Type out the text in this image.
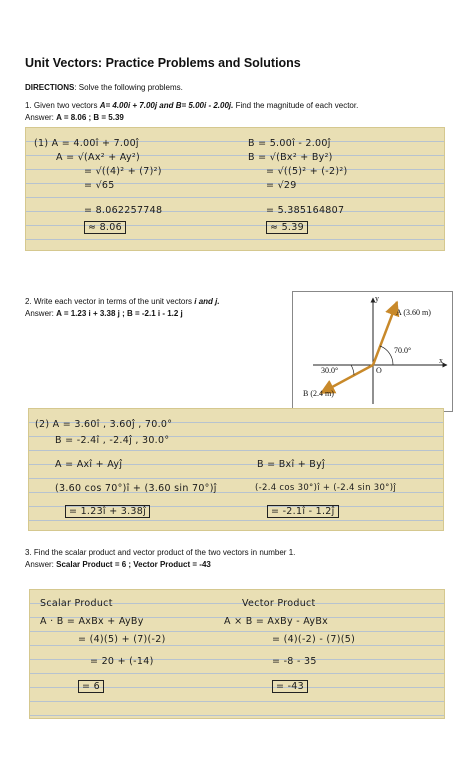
Unit Vectors: Practice Problems and Solutions
DIRECTIONS: Solve the following problems.
1. Given two vectors A= 4.00i + 7.00j and B= 5.00i - 2.00j. Find the magnitude of each vector.
Answer: A = 8.06 ; B = 5.39
(1) A = 4.00î + 7.00ĵ
A = √(Ax² + Ay²)
= √((4)² + (7)²)
= √65
= 8.062257748
≈ 8.06
B = 5.00î - 2.00ĵ
B = √(Bx² + By²)
= √((5)² + (-2)²)
= √29
= 5.385164807
≈ 5.39
2. Write each vector in terms of the unit vectors i and j.
Answer: A = 1.23 i + 3.38 j ; B = -2.1 i - 1.2 j
y
x
O
A (3.60 m)
B (2.4 m)
70.0°
30.0°
(2) A = 3.60î , 3.60ĵ , 70.0°
B = -2.4î , -2.4ĵ , 30.0°
A = Axî + Ayĵ
(3.60 cos 70°)î + (3.60 sin 70°)ĵ
= 1.23î + 3.38ĵ
B = Bxî + Byĵ
(-2.4 cos 30°)î + (-2.4 sin 30°)ĵ
= -2.1î - 1.2ĵ
3. Find the scalar product and vector product of the two vectors in number 1.
Answer: Scalar Product = 6 ; Vector Product = -43
Scalar Product
A · B = AxBx + AyBy
= (4)(5) + (7)(-2)
= 20 + (-14)
= 6
Vector Product
A × B = AxBy - AyBx
= (4)(-2) - (7)(5)
= -8 - 35
= -43
